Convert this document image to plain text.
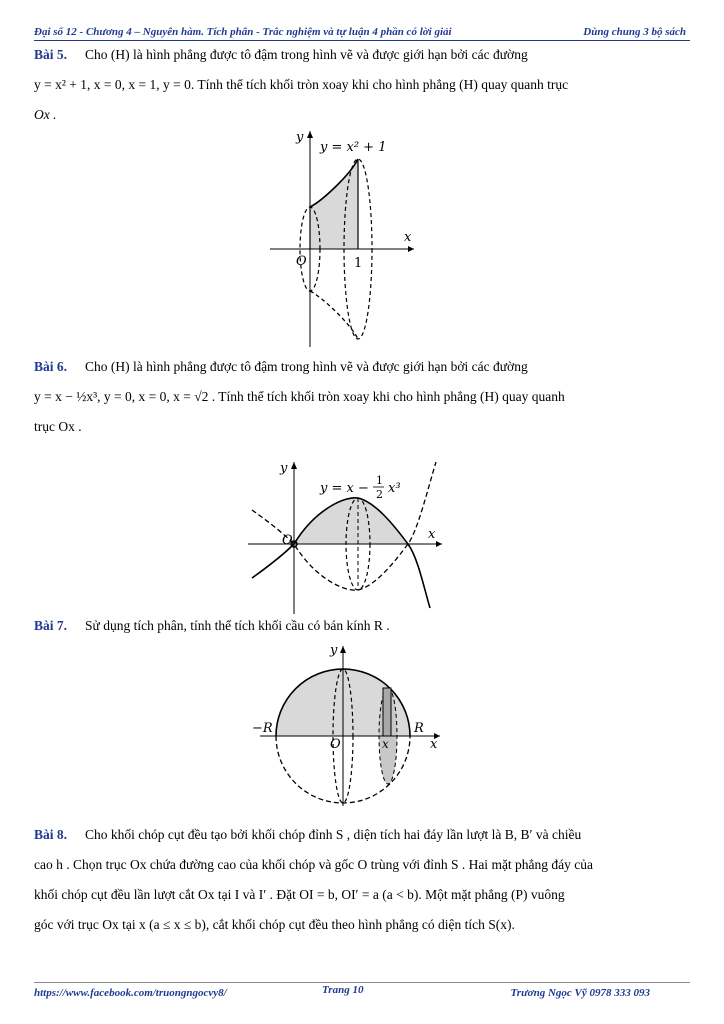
Đại số 12 - Chương 4 – Nguyên hàm. Tích phân - Trắc nghiệm và tự luận 4 phần có lời giải	Dùng chung 3 bộ sách
Bài 5. Cho (H) là hình phẳng được tô đậm trong hình vẽ và được giới hạn bởi các đường
y = x² + 1, x = 0, x = 1, y = 0. Tính thể tích khối tròn xoay khi cho hình phẳng (H) quay quanh trục
Ox .
y = x² + 1
y
x
O	1
Bài 6. Cho (H) là hình phẳng được tô đậm trong hình vẽ và được giới hạn bởi các đường
y = x − ½x³, y = 0, x = 0, x = √2 . Tính thể tích khối tròn xoay khi cho hình phẳng (H) quay quanh
trục Ox .
y = x −
1
2 x³
y
x
O
Bài 7. Sử dụng tích phân, tính thể tích khối cầu có bán kính R .
y
x
O
−R	R
x
Bài 8. Cho khối chóp cụt đều tạo bởi khối chóp đỉnh S , diện tích hai đáy lần lượt là B, B′ và chiều
cao h . Chọn trục Ox chứa đường cao của khối chóp và gốc O trùng với đỉnh S . Hai mặt phẳng đáy của
khối chóp cụt đều lần lượt cắt Ox tại I và I′ . Đặt OI = b, OI′ = a (a < b). Một mặt phẳng (P) vuông
góc với trục Ox tại x (a ≤ x ≤ b), cắt khối chóp cụt đều theo hình phẳng có diện tích S(x).
https://www.facebook.com/truongngocvy8/	Trang 10	Trương Ngọc Vỹ 0978 333 093
